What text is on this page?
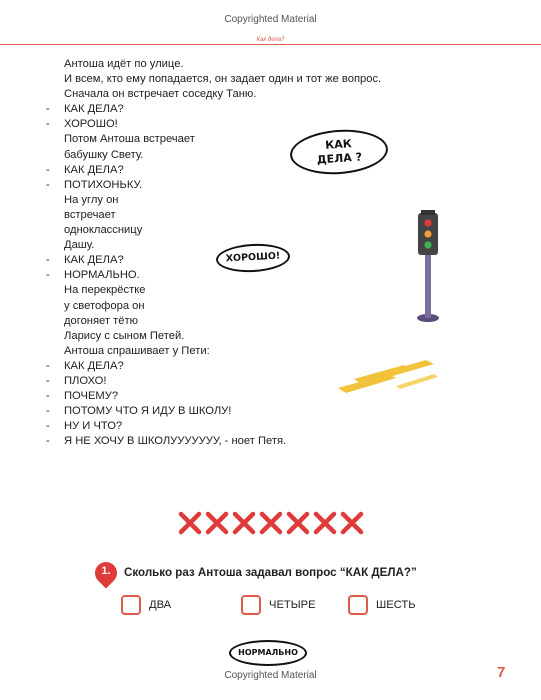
Copyrighted Material
Как дела?
Антоша идёт по улице.
И всем, кто ему попадается, он задает один и тот же вопрос.
Сначала он встречает соседку Таню.
- КАК ДЕЛА?
- ХОРОШО!
Потом Антоша встречает
бабушку Свету.
- КАК ДЕЛА?
- ПОТИХОНЬКУ.
На углу он
встречает
одноклассницу
Дашу.
- КАК ДЕЛА?
- НОРМАЛЬНО.
На перекрёстке
у светофора он
догоняет тётю
Ларису с сыном Петей.
Антоша спрашивает у Пети:
- КАК ДЕЛА?
- ПЛОХО!
- ПОЧЕМУ?
- ПОТОМУ ЧТО Я ИДУ В ШКОЛУ!
- НУ И ЧТО?
- Я НЕ ХОЧУ В ШКОЛУУУУУУУ, - ноет Петя.
КАК
ДЕЛА ?
ХОРОШО!
1.	Сколько раз Антоша задавал вопрос “КАК ДЕЛА?”
ДВА	ЧЕТЫРЕ	ШЕСТЬ
НОРМАЛЬНО
7
Copyrighted Material
